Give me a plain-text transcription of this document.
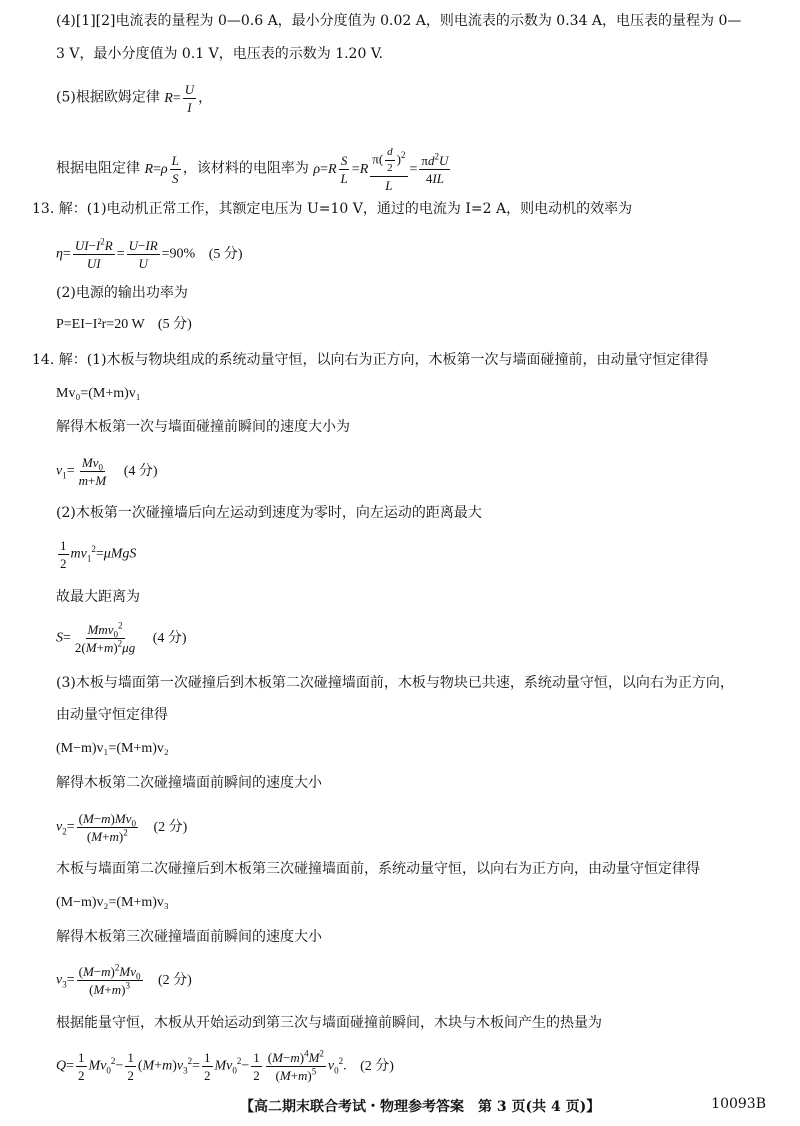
(4)[1][2]电流表的量程为 0—0.6 A，最小分度值为 0.02 A，则电流表的示数为 0.34 A，电压表的量程为 0—
3 V，最小分度值为 0.1 V，电压表的示数为 1.20 V.
(5)根据欧姆定律 $R= \frac{U}{I}$ ，
根据电阻定律 $R=\rho \frac{L}{S}$ ，该材料的电阻率为 $\rho=R \frac{S}{L} =R \frac{\pi( \frac{d}{2} )^2}{L} = \frac{\pi d^2U}{4IL}$
13. 解：(1)电动机正常工作，其额定电压为 U=10 V，通过的电流为 I=2 A，则电动机的效率为
$\eta= \frac{UI-I^2R}{UI} = \frac{U-IR}{U} =90\%$ (5 分)
(2)电源的输出功率为
P=EI−I²r=20 W (5 分)
14. 解：(1)木板与物块组成的系统动量守恒，以向右为正方向，木板第一次与墙面碰撞前，由动量守恒定律得
Mv₀=(M+m)v₁
解得木板第一次与墙面碰撞前瞬间的速度大小为
$v_1= \frac{Mv_0}{m+M} (4$ 分)
(2)木板第一次碰撞墙后向左运动到速度为零时，向左运动的距离最大
$\frac{1}{2} mv_1^2=\mu MgS$
故最大距离为
$S= \frac{Mmv_0^2}{2(M+m)^2\mu g} (4$ 分)
(3)木板与墙面第一次碰撞后到木板第二次碰撞墙面前，木板与物块已共速，系统动量守恒，以向右为正方向，
由动量守恒定律得
(M−m)v₁=(M+m)v₂
解得木板第二次碰撞墙面前瞬间的速度大小
$v_2= \frac{(M-m)Mv_0}{(M+m)^2} (2$ 分)
木板与墙面第二次碰撞后到木板第三次碰撞墙面前，系统动量守恒，以向右为正方向，由动量守恒定律得
(M−m)v₂=(M+m)v₃
解得木板第三次碰撞墙面前瞬间的速度大小
$v_3= \frac{(M-m)^2Mv_0}{(M+m)^3} (2$ 分)
根据能量守恒，木板从开始运动到第三次与墙面碰撞前瞬间，木块与木板间产生的热量为
$Q= \frac{1}{2} Mv_0^2- \frac{1}{2} (M+m)v_3^2= \frac{1}{2} Mv_0^2- \frac{1}{2} \frac{(M-m)^4M^2}{(M+m)^5} v_0^2$. (2 分)
【高二期末联合考试・物理参考答案　第 3 页(共 4 页)】	10093B
